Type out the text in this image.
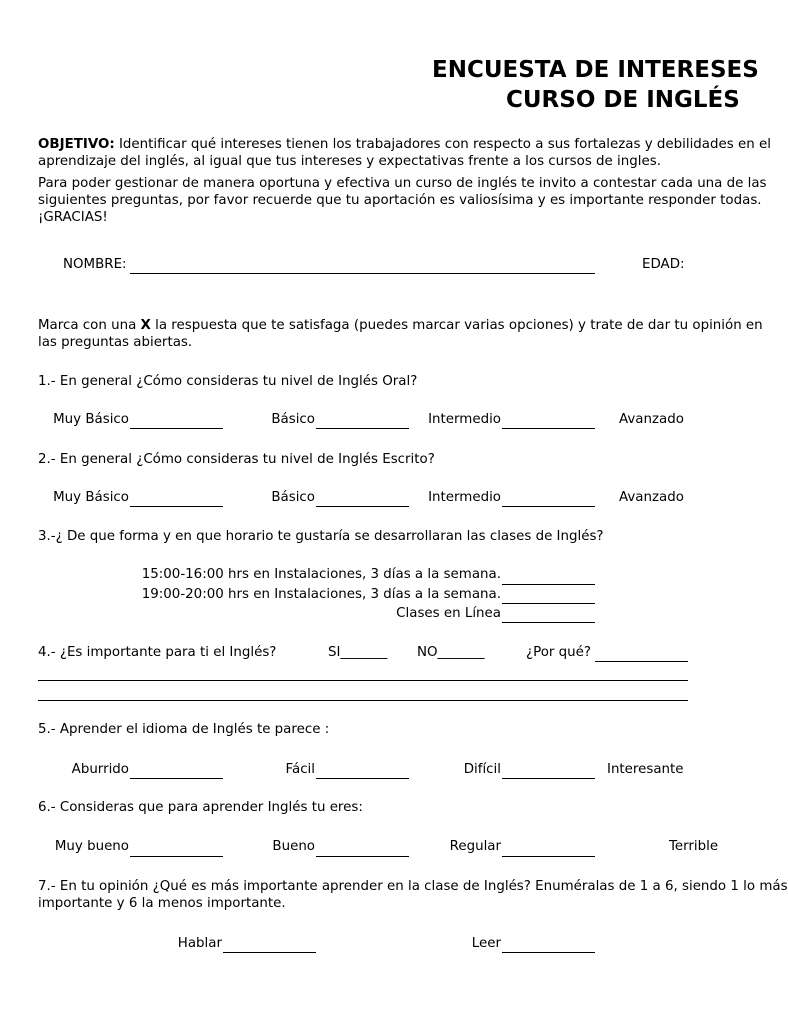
ENCUESTA DE INTERESES
CURSO DE INGLÉS
OBJETIVO: Identificar qué intereses tienen los trabajadores con respecto a sus fortalezas y debilidades en el
aprendizaje del inglés, al igual que tus intereses y expectativas frente a los cursos de ingles.
Para poder gestionar de manera oportuna y efectiva un curso de inglés te invito a contestar cada una de las
siguientes preguntas, por favor recuerde que tu aportación es valiosísima y es importante responder todas.
¡GRACIAS!
NOMBRE:	EDAD:
Marca con una X la respuesta que te satisfaga (puedes marcar varias opciones) y trate de dar tu opinión en
las preguntas abiertas.
1.- En general ¿Cómo consideras tu nivel de Inglés Oral?
Muy Básico	Básico	Intermedio	Avanzado
2.- En general ¿Cómo consideras tu nivel de Inglés Escrito?
Muy Básico	Básico	Intermedio	Avanzado
3.-¿ De que forma y en que horario te gustaría se desarrollaran las clases de Inglés?
15:00-16:00 hrs en Instalaciones, 3 días a la semana.
19:00-20:00 hrs en Instalaciones, 3 días a la semana.
Clases en Línea
4.- ¿Es importante para ti el Inglés?	SI_______ NO_______	¿Por qué?
5.- Aprender el idioma de Inglés te parece :
Aburrido	Fácil	Difícil	Interesante
6.- Consideras que para aprender Inglés tu eres:
Muy bueno	Bueno	Regular	Terrible
7.- En tu opinión ¿Qué es más importante aprender en la clase de Inglés? Enuméralas de 1 a 6, siendo 1 lo más
importante y 6 la menos importante.
Hablar	Leer
